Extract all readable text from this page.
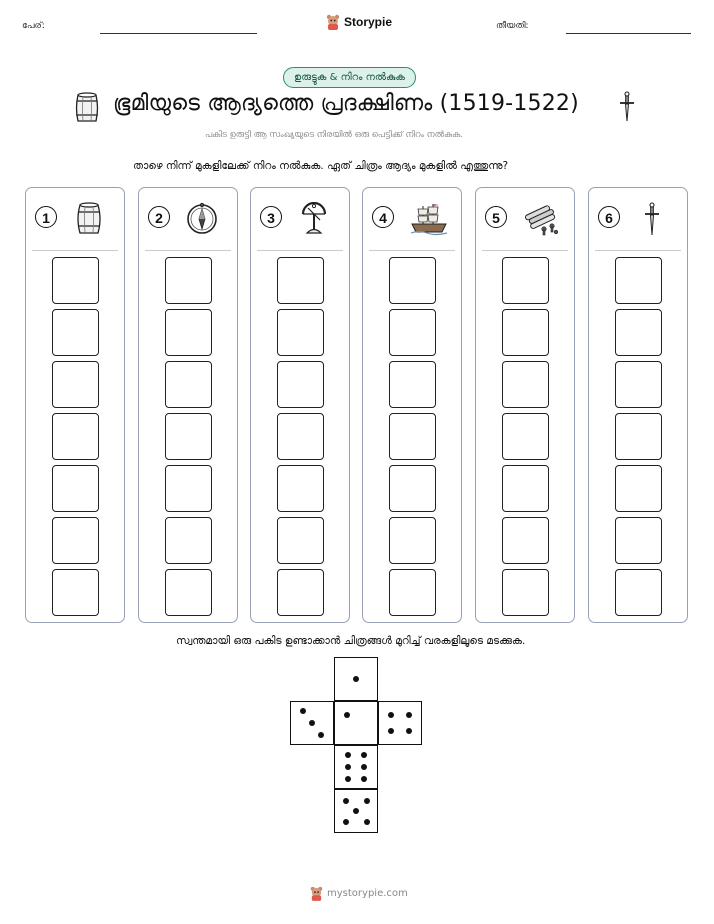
പേര്:	Storypie	തീയതി:
ഉരുട്ടുക & നിറം നൽകുക
ഭൂമിയുടെ ആദ്യത്തെ പ്രദക്ഷിണം (1519-1522)
പകിട ഉരുട്ടി ആ സംഖ്യയുടെ നിരയിൽ ഒരു പെട്ടിക്ക് നിറം നൽകുക.
താഴെ നിന്ന് മുകളിലേക്ക് നിറം നൽകുക. ഏത് ചിത്രം ആദ്യം മുകളിൽ എത്തുന്നു?
1	2	3	4	5	6
സ്വന്തമായി ഒരു പകിട ഉണ്ടാക്കാൻ ചിത്രങ്ങൾ മുറിച്ച് വരകളിലൂടെ മടക്കുക.
mystorypie.com
